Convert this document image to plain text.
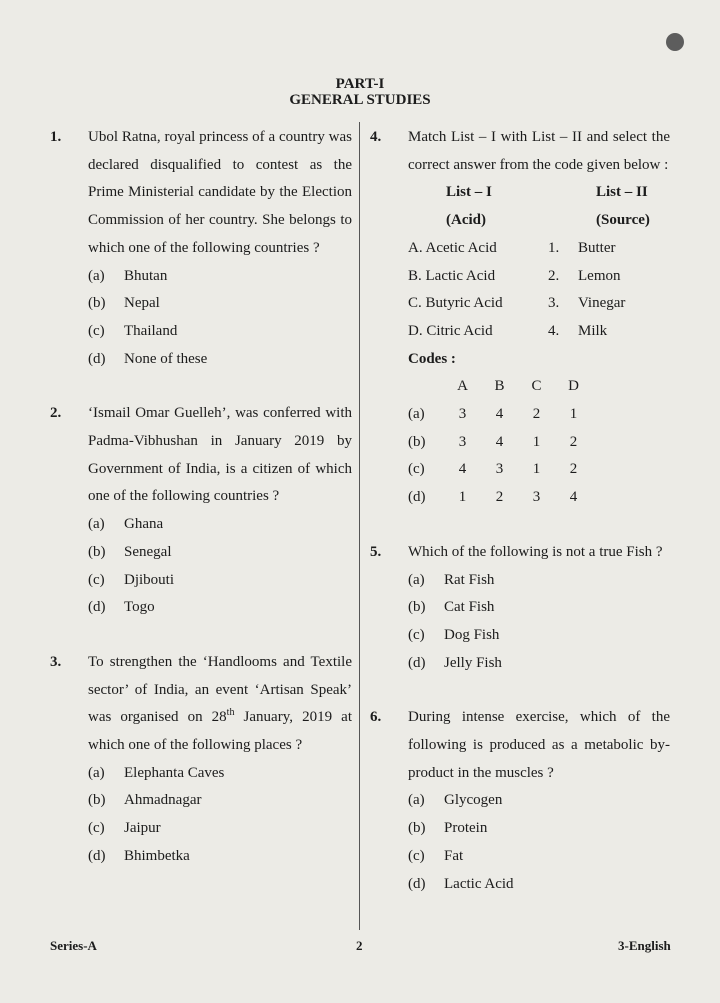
PART-I
GENERAL STUDIES
1.	Ubol Ratna, royal princess of a country was declared disqualified to contest as the Prime Ministerial candidate by the Election Commission of her country. She belongs to which one of the following countries ?
(a)	Bhutan
(b)	Nepal
(c)	Thailand
(d)	None of these
2.	‘Ismail Omar Guelleh’, was conferred with Padma-Vibhushan in January 2019 by Government of India, is a citizen of which one of the following countries ?
(a)	Ghana
(b)	Senegal
(c)	Djibouti
(d)	Togo
3.	To strengthen the ‘Handlooms and Textile sector’ of India, an event ‘Artisan Speak’ was organised on 28th January, 2019 at which one of the following places ?
(a)	Elephanta Caves
(b)	Ahmadnagar
(c)	Jaipur
(d)	Bhimbetka
4.	Match List – I with List – II and select the correct answer from the code given below :
List – I	List – II
(Acid)	(Source)
A. Acetic Acid	1.	Butter
B. Lactic Acid	2.	Lemon
C. Butyric Acid	3.	Vinegar
D. Citric Acid	4.	Milk
Codes :
A	B	C	D
(a)	3	4	2	1
(b)	3	4	1	2
(c)	4	3	1	2
(d)	1	2	3	4
5.	Which of the following is not a true Fish ?
(a)	Rat Fish
(b)	Cat Fish
(c)	Dog Fish
(d)	Jelly Fish
6.	During intense exercise, which of the following is produced as a metabolic by-product in the muscles ?
(a)	Glycogen
(b)	Protein
(c)	Fat
(d)	Lactic Acid
Series-A	2	3-English
